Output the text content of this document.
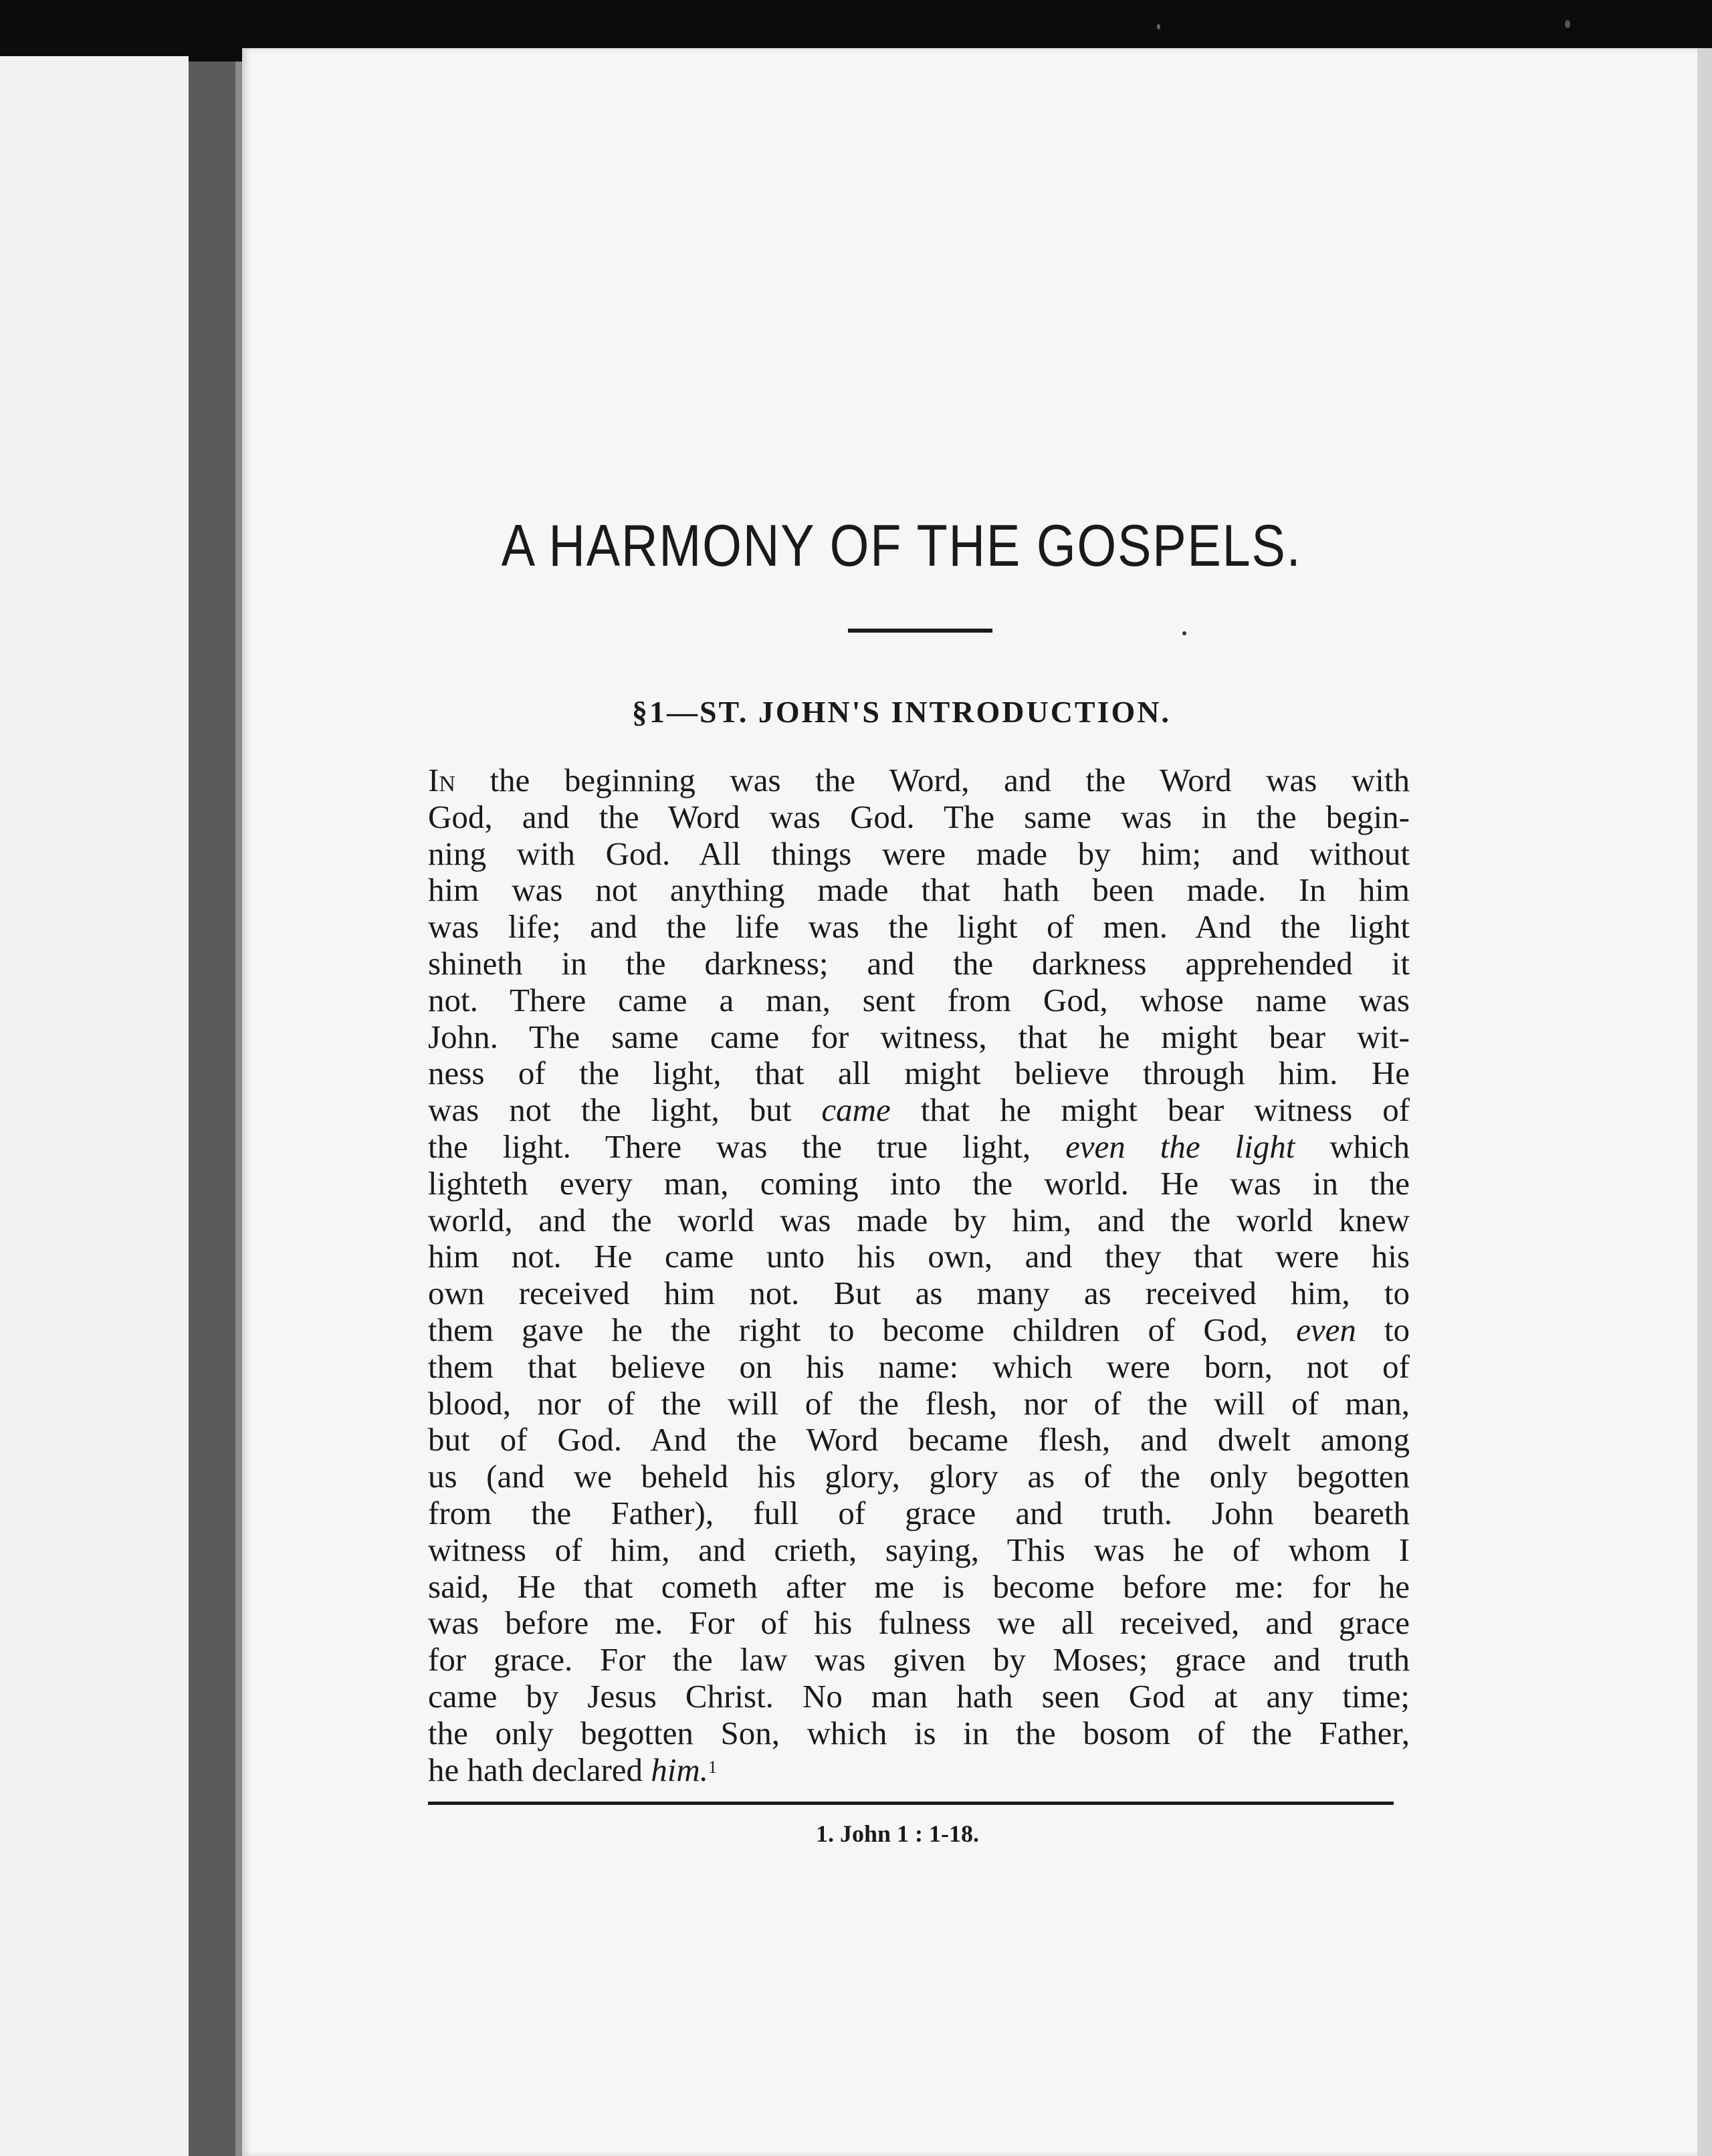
A HARMONY OF THE GOSPELS.
§1—ST. JOHN'S INTRODUCTION.
In the beginning was the Word, and the Word was with
God, and the Word was God. The same was in the begin-
ning with God. All things were made by him; and without
him was not anything made that hath been made. In him
was life; and the life was the light of men. And the light
shineth in the darkness; and the darkness apprehended it
not. There came a man, sent from God, whose name was
John. The same came for witness, that he might bear wit-
ness of the light, that all might believe through him. He
was not the light, but came that he might bear witness of
the light. There was the true light, even the light which
lighteth every man, coming into the world. He was in the
world, and the world was made by him, and the world knew
him not. He came unto his own, and they that were his
own received him not. But as many as received him, to
them gave he the right to become children of God, even to
them that believe on his name: which were born, not of
blood, nor of the will of the flesh, nor of the will of man,
but of God. And the Word became flesh, and dwelt among
us (and we beheld his glory, glory as of the only begotten
from the Father), full of grace and truth. John beareth
witness of him, and crieth, saying, This was he of whom I
said, He that cometh after me is become before me: for he
was before me. For of his fulness we all received, and grace
for grace. For the law was given by Moses; grace and truth
came by Jesus Christ. No man hath seen God at any time;
the only begotten Son, which is in the bosom of the Father,
he hath declared him.$^1$

1. John 1 : 1-18.
